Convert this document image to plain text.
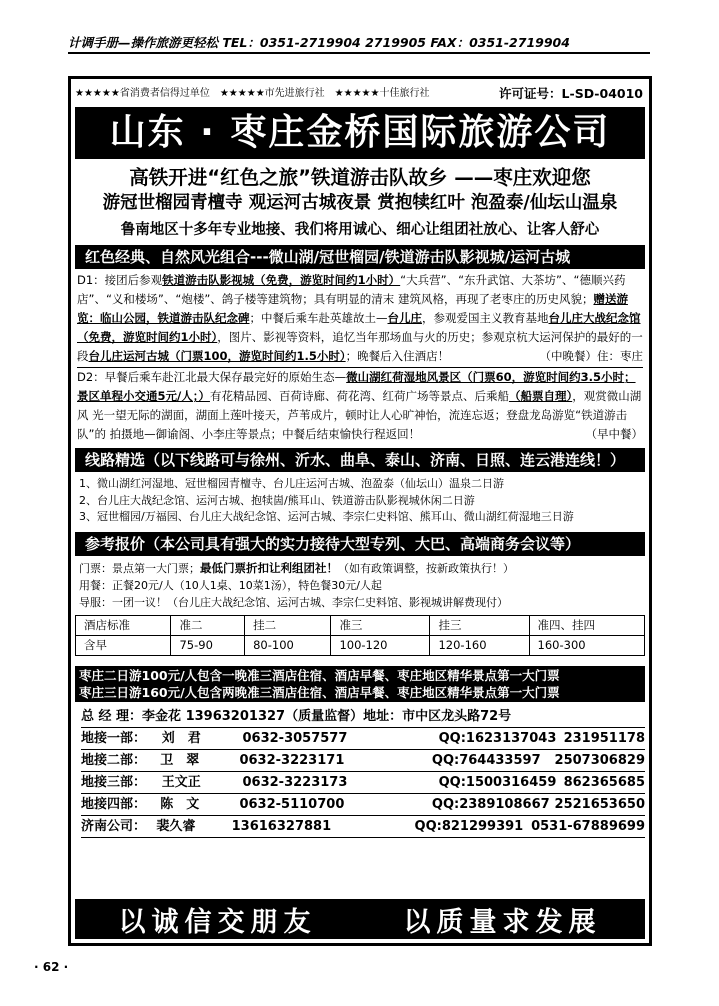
计调手册—操作旅游更轻松 TEL：0351-2719904 2719905 FAX：0351-2719904
★★★★★省消费者信得过单位 ★★★★★市先进旅行社 ★★★★★十佳旅行社	许可证号：L-SD-04010
山东 · 枣庄金桥国际旅游公司
高铁开进“红色之旅”铁道游击队故乡 ——枣庄欢迎您
游冠世榴园青檀寺 观运河古城夜景 赏抱犊红叶 泡盈泰/仙坛山温泉
鲁南地区十多年专业地接、我们将用诚心、细心让组团社放心、让客人舒心
红色经典、自然风光组合---微山湖/冠世榴园/铁道游击队影视城/运河古城

D1：接团后参观铁道游击队影视城（免费，游览时间约1小时）“大兵营”、“东升武馆、大茶坊”、“德顺兴药店”、“义和楼场”、“炮楼”、鸽子楼等建筑物；具有明显的清末 建筑风格，再现了老枣庄的历史风貌；赠送游览：临山公园，铁道游击队纪念碑；中餐后乘车赴英雄故土—台儿庄，参观爱国主义教育基地台儿庄大战纪念馆（免费，游览时间约1小时），图片、影视等资料，追忆当年那场血与火的历史；参观京杭大运河保护的最好的一段台儿庄运河古城（门票100，游览时间约1.5小时）；晚餐后入住酒店！	（中晚餐）住：枣庄

D2：早餐后乘车赴江北最大保存最完好的原始生态—微山湖红荷湿地风景区（门票60，游览时间约3.5小时；景区单程小交通5元/人；）有花精品园、百荷诗廊、荷花湾、红荷广场等景点、后乘船（船票自理），观赏微山湖风 光一望无际的湖面，湖面上莲叶接天，芦苇成片，顿时让人心旷神怡，流连忘返；登盘龙岛游览“铁道游击队”的 拍摄地—御谕阁、小李庄等景点；中餐后结束愉快行程返回！	（早中餐）

线路精选（以下线路可与徐州、沂水、曲阜、泰山、济南、日照、连云港连线！）
1、微山湖红河湿地、冠世榴园青檀寺、台儿庄运河古城、泡盈泰（仙坛山）温泉二日游
2、台儿庄大战纪念馆、运河古城、抱犊崮/熊耳山、铁道游击队影视城休闲二日游
3、冠世榴园/万福园、台儿庄大战纪念馆、运河古城、李宗仁史料馆、熊耳山、微山湖红荷湿地三日游
参考报价（本公司具有强大的实力接待大型专列、大巴、高端商务会议等）
门票：景点第一大门票；最低门票折扣让利组团社！（如有政策调整，按新政策执行！）
用餐：正餐20元/人（10人1桌、10菜1汤），特色餐30元/人起
导服：一团一议！（台儿庄大战纪念馆、运河古城、李宗仁史料馆、影视城讲解费现付）
酒店标准	准二	挂二	准三	挂三	准四、挂四
含早	75-90	80-100	100-120	120-160	160-300
枣庄二日游100元/人包含一晚准三酒店住宿、酒店早餐、枣庄地区精华景点第一大门票
枣庄三日游160元/人包含两晚准三酒店住宿、酒店早餐、枣庄地区精华景点第一大门票
总 经 理：李金花 13963201327（质量监督）地址：市中区龙头路72号
地接一部：	刘　君	0632-3057577	QQ:1623137043 231951178
地接二部：	卫　翠	0632-3223171	QQ:764433597	2507306829
地接三部：	王文正	0632-3223173	QQ:1500316459 862365685
地接四部：	陈　文	0632-5110700	QQ:2389108667 2521653650
济南公司： 裴久睿	13616327881	QQ:821299391 0531-67889699
以诚信交朋友	以质量求发展
· 62 ·
